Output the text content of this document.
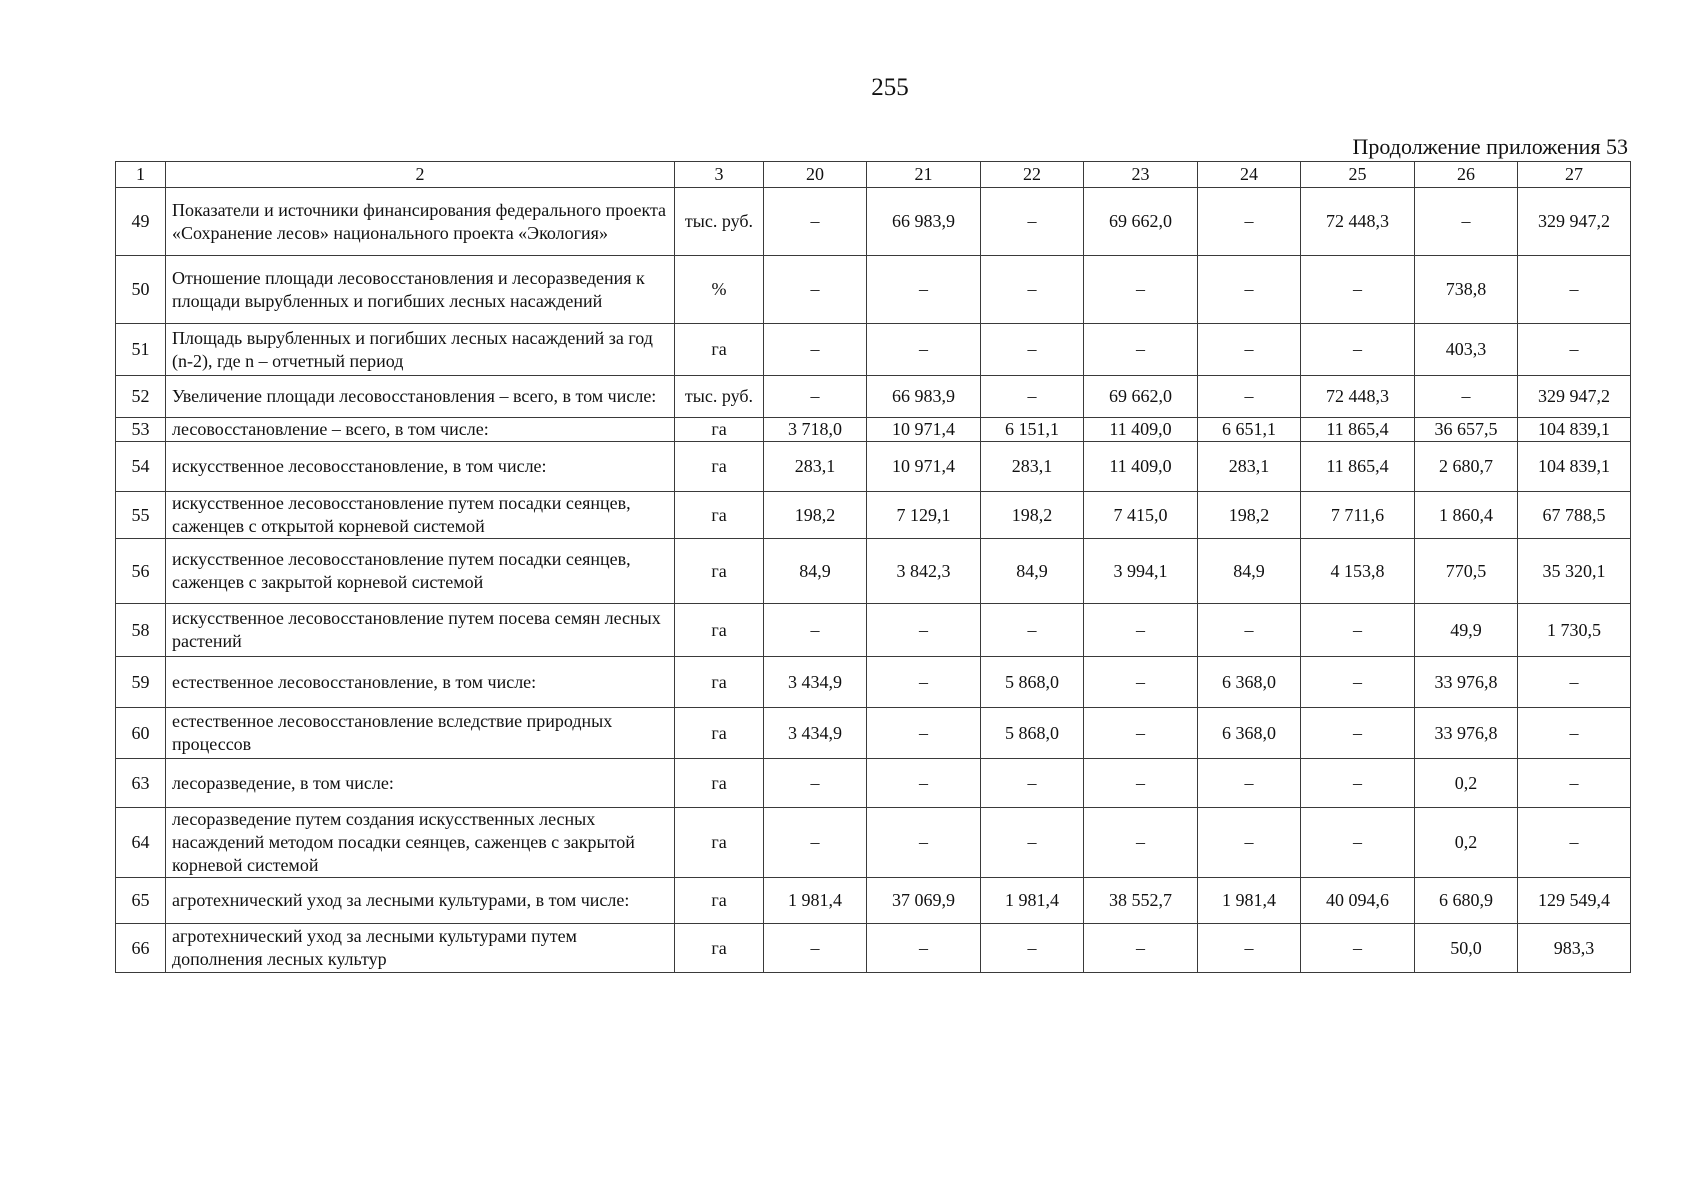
255
Продолжение приложения 53
1	2	3	20	21	22	23	24	25	26	27
49	Показатели и источники финансирования федерального проекта «Сохранение лесов» национального проекта «Экология»	тыс. руб.	–	66 983,9	–	69 662,0	–	72 448,3	–	329 947,2
50	Отношение площади лесовосстановления и лесоразведения к площади вырубленных и погибших лесных насаждений	%	–	–	–	–	–	–	738,8	–
51	Площадь вырубленных и погибших лесных насаждений за год (n-2), где n – отчетный период	га	–	–	–	–	–	–	403,3	–
52	Увеличение площади лесовосстановления – всего, в том числе:	тыс. руб.	–	66 983,9	–	69 662,0	–	72 448,3	–	329 947,2
53	лесовосстановление – всего, в том числе:	га	3 718,0	10 971,4	6 151,1	11 409,0	6 651,1	11 865,4	36 657,5	104 839,1
54	искусственное лесовосстановление, в том числе:	га	283,1	10 971,4	283,1	11 409,0	283,1	11 865,4	2 680,7	104 839,1
55	искусственное лесовосстановление путем посадки сеянцев, саженцев с открытой корневой системой	га	198,2	7 129,1	198,2	7 415,0	198,2	7 711,6	1 860,4	67 788,5
56	искусственное лесовосстановление путем посадки сеянцев, саженцев с закрытой корневой системой	га	84,9	3 842,3	84,9	3 994,1	84,9	4 153,8	770,5	35 320,1
58	искусственное лесовосстановление путем посева семян лесных растений	га	–	–	–	–	–	–	49,9	1 730,5
59	естественное лесовосстановление, в том числе:	га	3 434,9	–	5 868,0	–	6 368,0	–	33 976,8	–
60	естественное лесовосстановление вследствие природных процессов	га	3 434,9	–	5 868,0	–	6 368,0	–	33 976,8	–
63	лесоразведение, в том числе:	га	–	–	–	–	–	–	0,2	–
64	лесоразведение путем создания искусственных лесных насаждений методом посадки сеянцев, саженцев с закрытой корневой системой	га	–	–	–	–	–	–	0,2	–
65	агротехнический уход за лесными культурами, в том числе:	га	1 981,4	37 069,9	1 981,4	38 552,7	1 981,4	40 094,6	6 680,9	129 549,4
66	агротехнический уход за лесными культурами путем дополнения лесных культур	га	–	–	–	–	–	–	50,0	983,3
